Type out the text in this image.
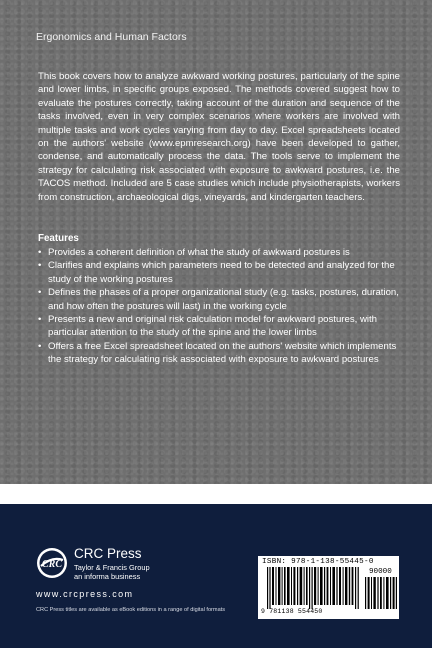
Ergonomics and Human Factors

This book covers how to analyze awkward working postures, particularly of the spine and lower limbs, in specific groups exposed. The methods covered suggest how to evaluate the postures correctly, taking account of the duration and sequence of the tasks involved, even in very complex scenarios where workers are involved with multiple tasks and work cycles varying from day to day. Excel spreadsheets located on the authors' website (www.epmresearch.org) have been developed to gather, condense, and automatically process the data. The tools serve to implement the strategy for calculating risk associated with exposure to awkward postures, i.e. the TACOS method. Included are 5 case studies which include physiotherapists, workers from construction, archaeological digs, vineyards, and kindergarten teachers.

Features
• Provides a coherent definition of what the study of awkward postures is
• Clarifies and explains which parameters need to be detected and analyzed for the study of the working postures
• Defines the phases of a proper organizational study (e.g. tasks, postures, duration, and how often the postures will last) in the working cycle
• Presents a new and original risk calculation model for awkward postures, with particular attention to the study of the spine and the lower limbs
• Offers a free Excel spreadsheet located on the authors' website which implements the strategy for calculating risk associated with exposure to awkward postures
CRC
CRC Press
Taylor & Francis Group
an informa business
www.crcpress.com
CRC Press titles are available as eBook editions in a range of digital formats
ISBN: 978-1-138-55445-0
90000
9 781138 554450
